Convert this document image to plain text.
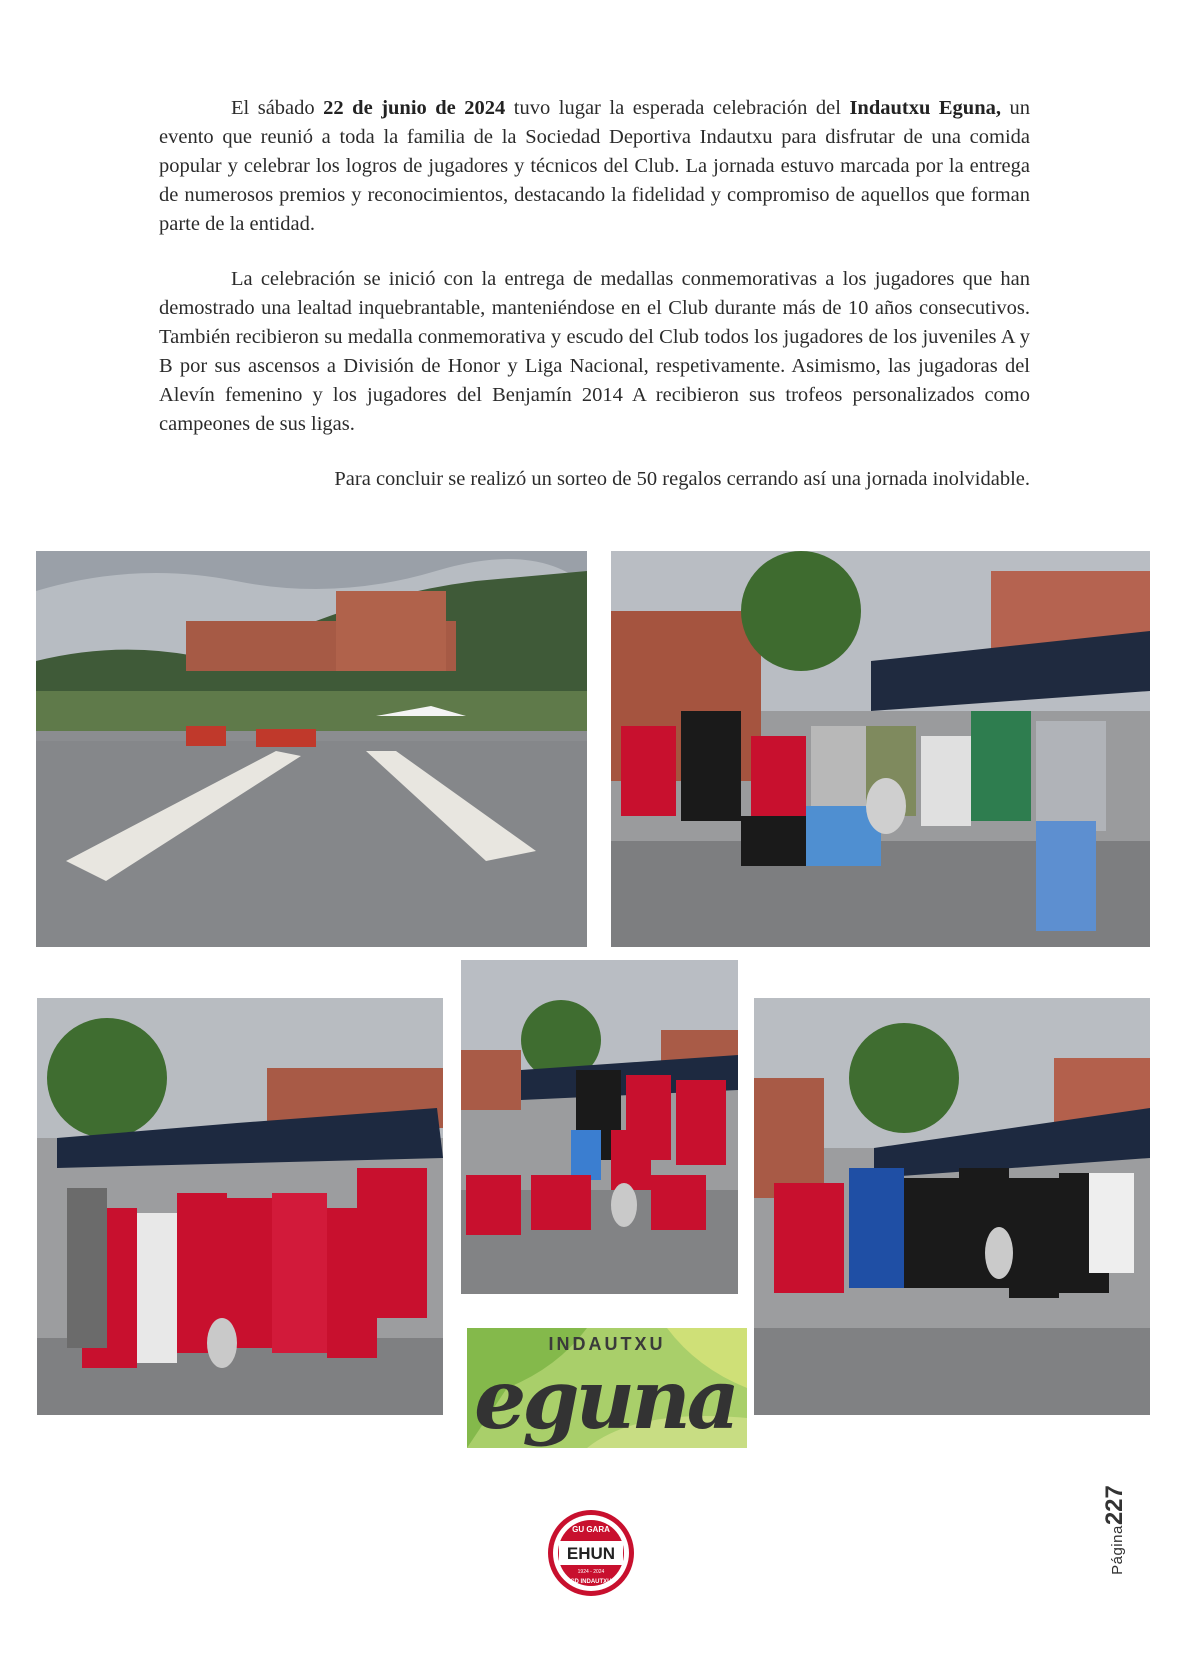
El sábado 22 de junio de 2024 tuvo lugar la esperada celebración del Indautxu Eguna, un evento que reunió a toda la familia de la Sociedad Deportiva Indautxu para disfrutar de una comida popular y celebrar los logros de jugadores y técnicos del Club. La jornada estuvo marcada por la entrega de numerosos premios y reconocimientos, destacando la fidelidad y compromiso de aquellos que forman parte de la entidad.

La celebración se inició con la entrega de medallas conmemorativas a los jugadores que han demostrado una lealtad inquebrantable, manteniéndose en el Club durante más de 10 años consecutivos. También recibieron su medalla conmemorativa y escudo del Club todos los jugadores de los juveniles A y B por sus ascensos a División de Honor y Liga Nacional, respetivamente. Asimismo, las jugadoras del Alevín femenino y los jugadores del Benjamín 2014 A recibieron sus trofeos personalizados como campeones de sus ligas.

Para concluir se realizó un sorteo de 50 regalos cerrando así una jornada inolvidable.

INDAUTXU
eguna
GU GARA
EHUN
1924 - 2024
SD INDAUTXU
Página227
